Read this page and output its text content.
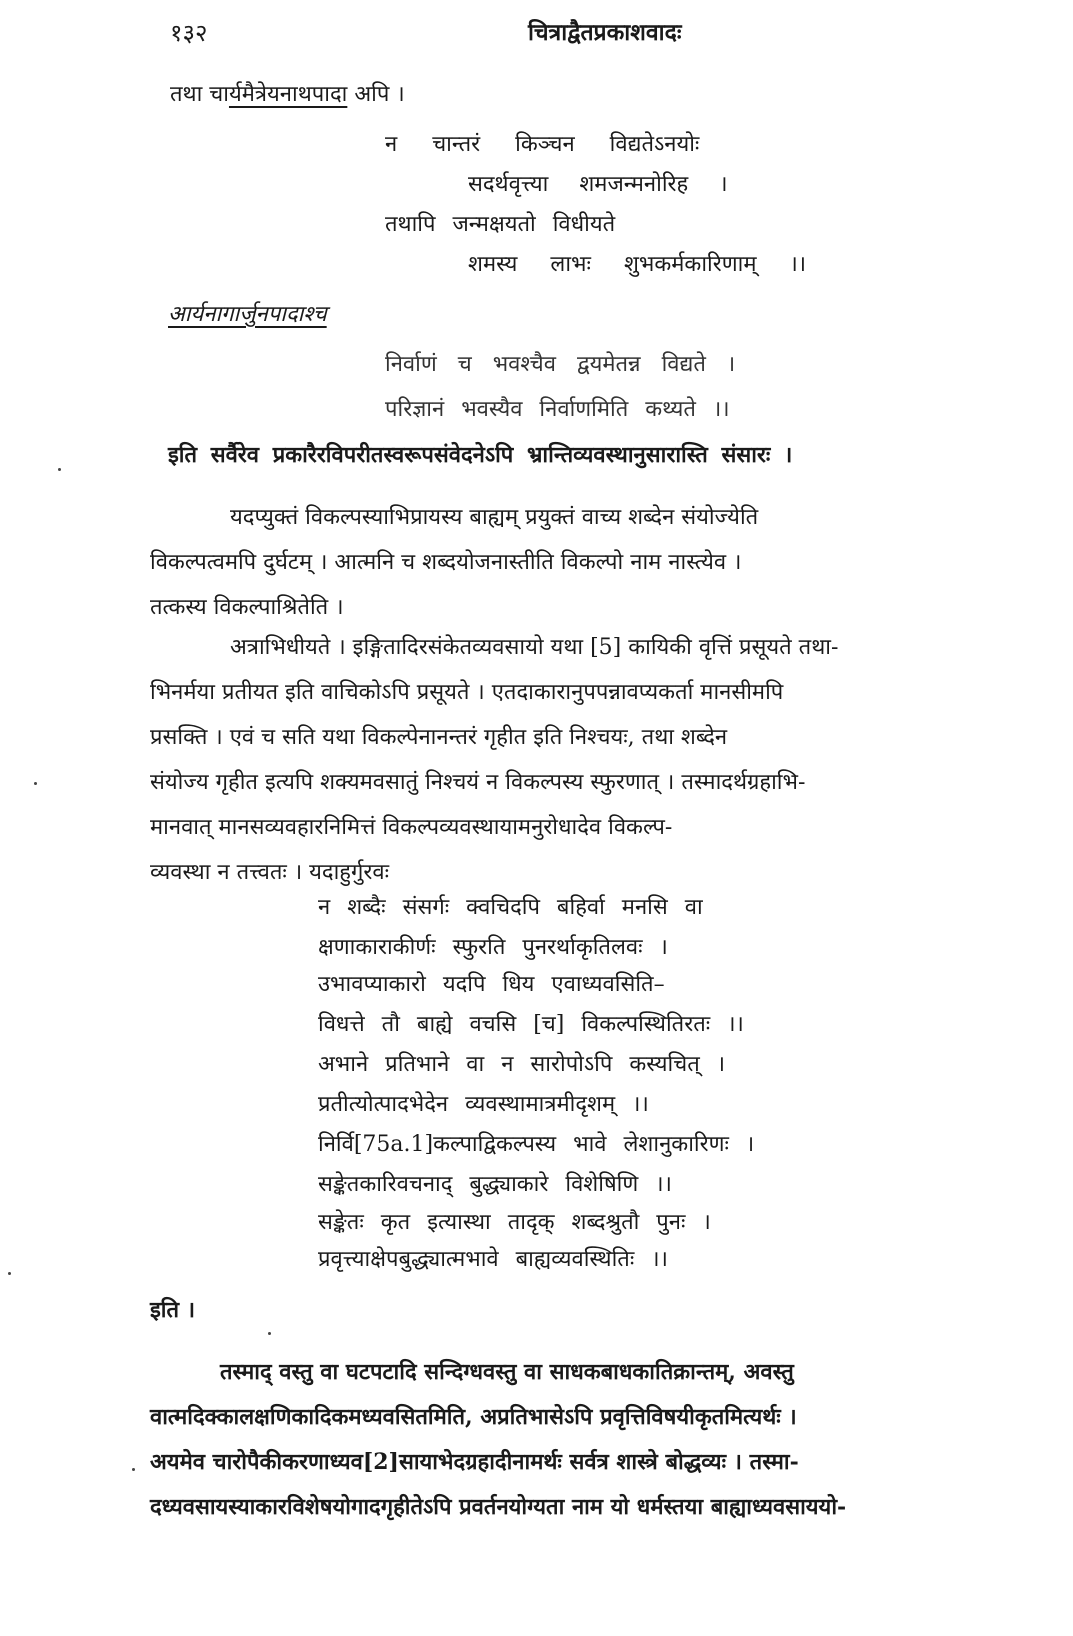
१३२	चित्राद्वैतप्रकाशवादः
तथा चार्यमैत्रेयनाथपादा अपि ।
न चान्तरं किञ्चन विद्यतेऽनयोः
सदर्थवृत्त्या शमजन्मनोरिह ।
तथापि जन्मक्षयतो विधीयते
शमस्य लाभः शुभकर्मकारिणाम् ।।
आर्यनागार्जुनपादाश्च
निर्वाणं च भवश्चैव द्वयमेतन्न विद्यते ।
परिज्ञानं भवस्यैव निर्वाणमिति कथ्यते ।।
इति सर्वैरेव प्रकारैरविपरीतस्वरूपसंवेदनेऽपि भ्रान्तिव्यवस्थानुसारास्ति संसारः ।
यदप्युक्तं विकल्पस्याभिप्रायस्य बाह्यम् प्रयुक्तं वाच्य शब्देन संयोज्येति
विकल्पत्वमपि दुर्घटम् । आत्मनि च शब्दयोजनास्तीति विकल्पो नाम नास्त्येव ।
तत्कस्य विकल्पाश्रितेति ।
अत्राभिधीयते । इङ्गितादिरसंकेतव्यवसायो यथा [5] कायिकी वृत्तिं प्रसूयते तथा-
भिनर्मया प्रतीयत इति वाचिकोऽपि प्रसूयते । एतदाकारानुपपन्नावप्यकर्ता मानसीमपि
प्रसक्ति । एवं च सति यथा विकल्पेनानन्तरं गृहीत इति निश्चयः, तथा शब्देन
संयोज्य गृहीत इत्यपि शक्यमवसातुं निश्चयं न विकल्पस्य स्फुरणात् । तस्मादर्थग्रहाभि-
मानवात् मानसव्यवहारनिमित्तं विकल्पव्यवस्थायामनुरोधादेव विकल्प-
व्यवस्था न तत्त्वतः । यदाहुर्गुरवः
न शब्दैः संसर्गः क्वचिदपि बहिर्वा मनसि वा
क्षणाकाराकीर्णः स्फुरति पुनरर्थाकृतिलवः ।
उभावप्याकारो यदपि धिय एवाध्यवसिति–
विधत्ते तौ बाह्ये वचसि [च] विकल्पस्थितिरतः ।।
अभाने प्रतिभाने वा न सारोपोऽपि कस्यचित् ।
प्रतीत्योत्पादभेदेन व्यवस्थामात्रमीदृशम् ।।
निर्वि[75a.1]कल्पाद्विकल्पस्य भावे लेशानुकारिणः ।
सङ्केतकारिवचनाद् बुद्ध्याकारे विशेषिणि ।।
सङ्केतः कृत इत्यास्था तादृक् शब्दश्रुतौ पुनः ।
प्रवृत्त्याक्षेपबुद्ध्यात्मभावे बाह्यव्यवस्थितिः ।।
इति ।
तस्माद् वस्तु वा घटपटादि सन्दिग्धवस्तु वा साधकबाधकातिक्रान्तम्, अवस्तु
वात्मदिक्कालक्षणिकादिकमध्यवसितमिति, अप्रतिभासेऽपि प्रवृत्तिविषयीकृतमित्यर्थः ।
अयमेव चारोपैकीकरणाध्यव[2]सायाभेदग्रहादीनामर्थः सर्वत्र शास्त्रे बोद्धव्यः । तस्मा-
दध्यवसायस्याकारविशेषयोगादगृहीतेऽपि प्रवर्तनयोग्यता नाम यो धर्मस्तया बाह्याध्यवसाययो-
